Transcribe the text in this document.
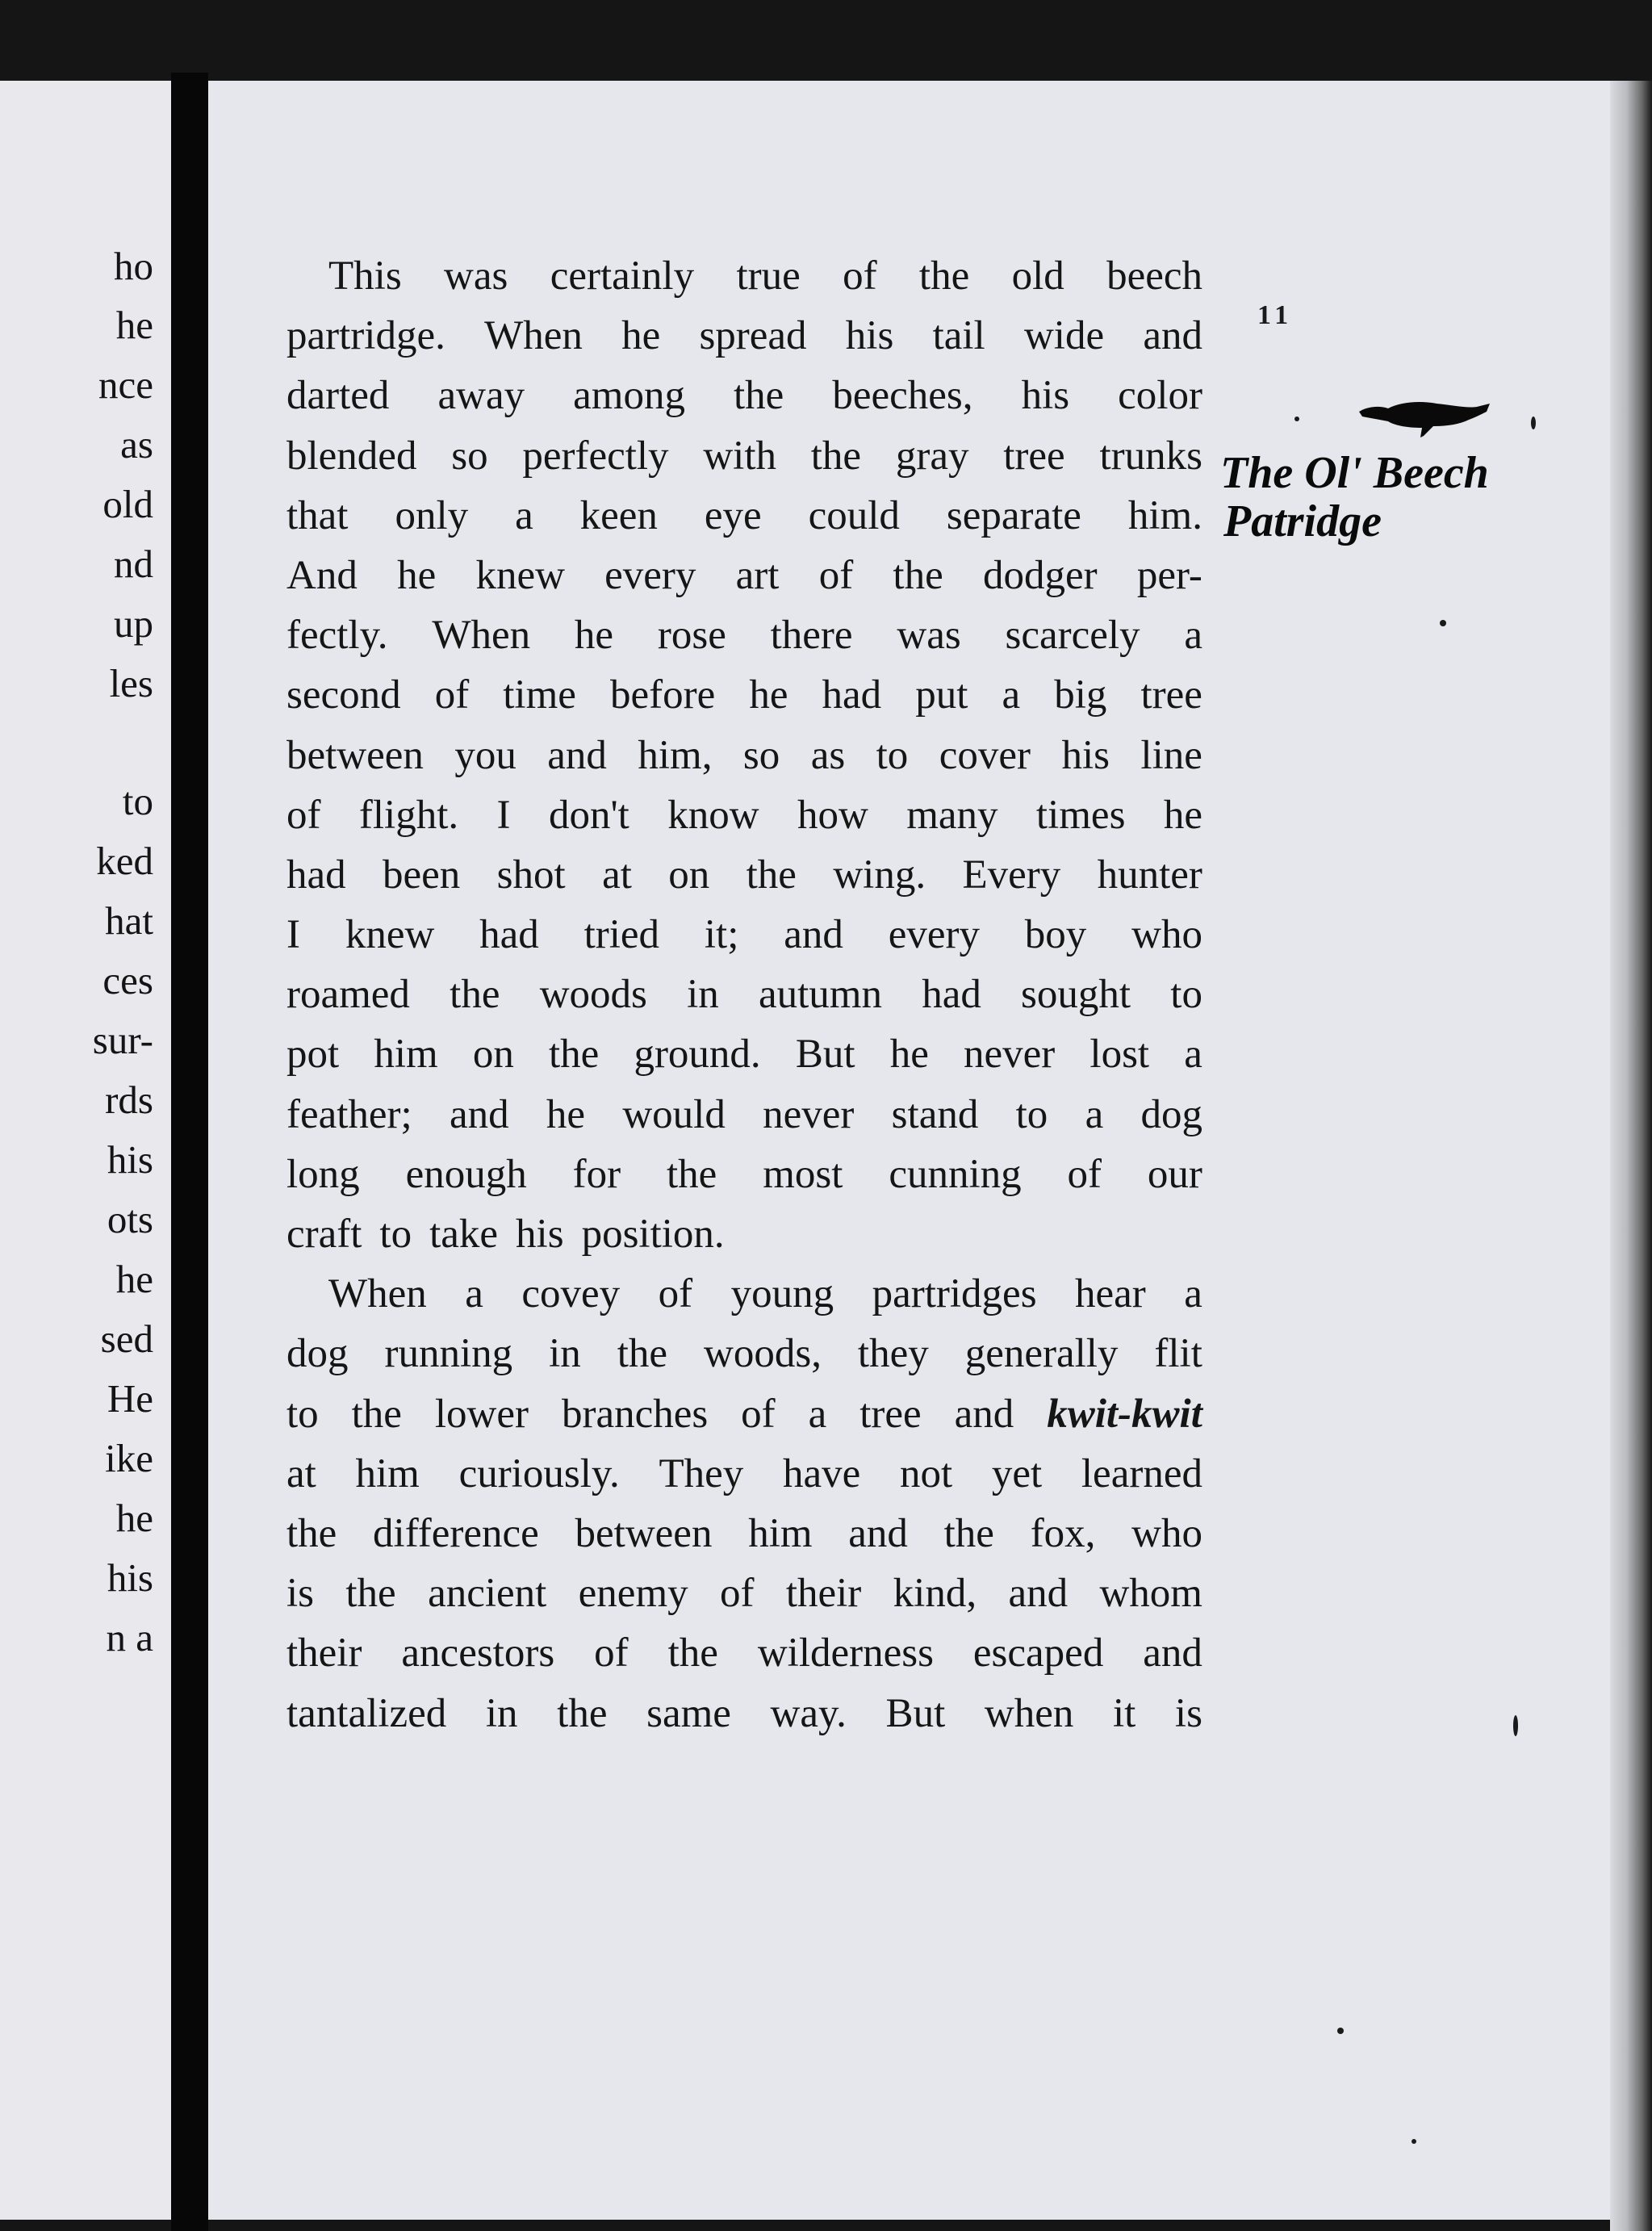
ho
he
nce
as
old
nd
up
les
to
ked
hat
ces
sur-
rds
his
ots
he
sed
He
ike
he
his
n a
11
The Ol' Beech
Patridge
This was certainly true of the old beech
partridge. When he spread his tail wide and
darted away among the beeches, his color
blended so perfectly with the gray tree trunks
that only a keen eye could separate him.
And he knew every art of the dodger per-
fectly. When he rose there was scarcely a
second of time before he had put a big tree
between you and him, so as to cover his line
of flight. I don't know how many times he
had been shot at on the wing. Every hunter
I knew had tried it; and every boy who
roamed the woods in autumn had sought to
pot him on the ground. But he never lost a
feather; and he would never stand to a dog
long enough for the most cunning of our
craft to take his position.
When a covey of young partridges hear a
dog running in the woods, they generally flit
to the lower branches of a tree and kwit-kwit
at him curiously. They have not yet learned
the difference between him and the fox, who
is the ancient enemy of their kind, and whom
their ancestors of the wilderness escaped and
tantalized in the same way. But when it is
